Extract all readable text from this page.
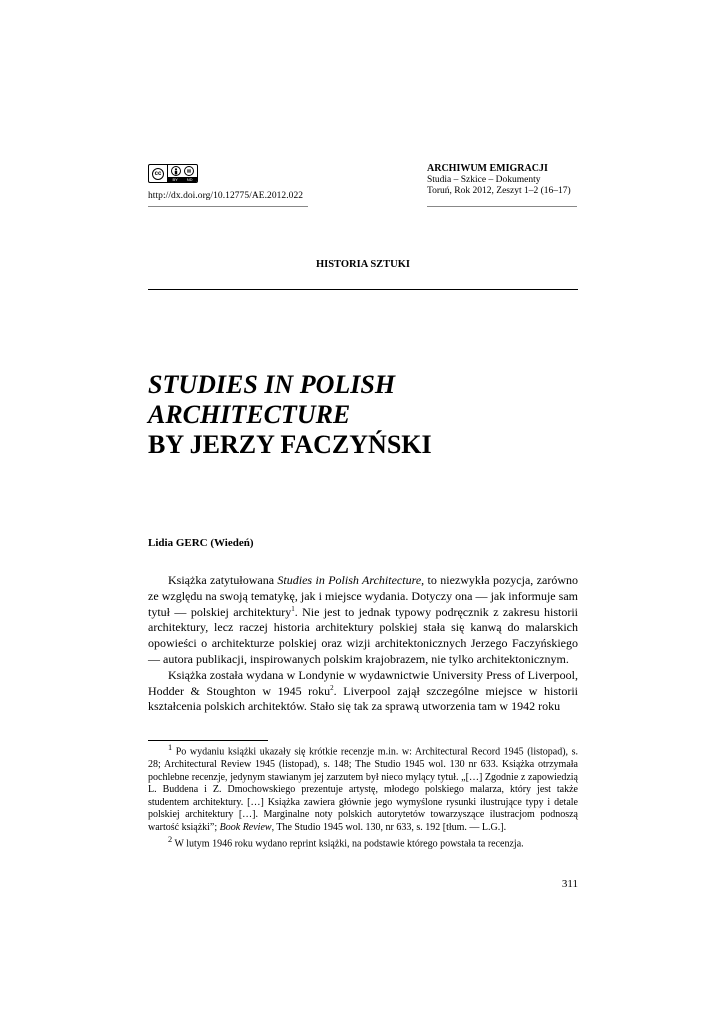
cc
BY ND
http://dx.doi.org/10.12775/AE.2012.022
ARCHIWUM EMIGRACJI
Studia – Szkice – Dokumenty
Toruń, Rok 2012, Zeszyt 1–2 (16–17)
HISTORIA SZTUKI
STUDIES IN POLISH
ARCHITECTURE
BY JERZY FACZYŃSKI
Lidia GERC (Wiedeń)

Książka zatytułowana Studies in Polish Architecture, to niezwykła pozycja, zarówno ze względu na swoją tematykę, jak i miejsce wydania. Dotyczy ona — jak informuje sam tytuł — polskiej architektury$^1$. Nie jest to jednak typowy podręcznik z zakresu historii architektury, lecz raczej historia architektury polskiej stała się kanwą do malarskich opowieści o architekturze polskiej oraz wizji architektonicznych Jerzego Faczyńskiego — autora publikacji, inspirowanych polskim krajobrazem, nie tylko architektonicznym.

Książka została wydana w Londynie w wydawnictwie University Press of Liverpool, Hodder & Stoughton w 1945 roku$^2$. Liverpool zajął szczególne miejsce w historii kształcenia polskich architektów. Stało się tak za sprawą utworzenia tam w 1942 roku

$^1$ Po wydaniu książki ukazały się krótkie recenzje m.in. w: Architectural Record 1945 (listopad), s. 28; Architectural Review 1945 (listopad), s. 148; The Studio 1945 wol. 130 nr 633. Książka otrzymała pochlebne recenzje, jedynym stawianym jej zarzutem był nieco mylący tytuł. „[…] Zgodnie z zapowiedzią L. Buddena i Z. Dmochowskiego prezentuje artystę, młodego polskiego malarza, który jest także studentem architektury. […] Książka zawiera głównie jego wymyślone rysunki ilustrujące typy i detale polskiej architektury […]. Marginalne noty polskich autorytetów towarzyszące ilustracjom podnoszą wartość książki”; Book Review, The Studio 1945 wol. 130, nr 633, s. 192 [tłum. — L.G.].

$^2$ W lutym 1946 roku wydano reprint książki, na podstawie którego powstała ta recenzja.

311
